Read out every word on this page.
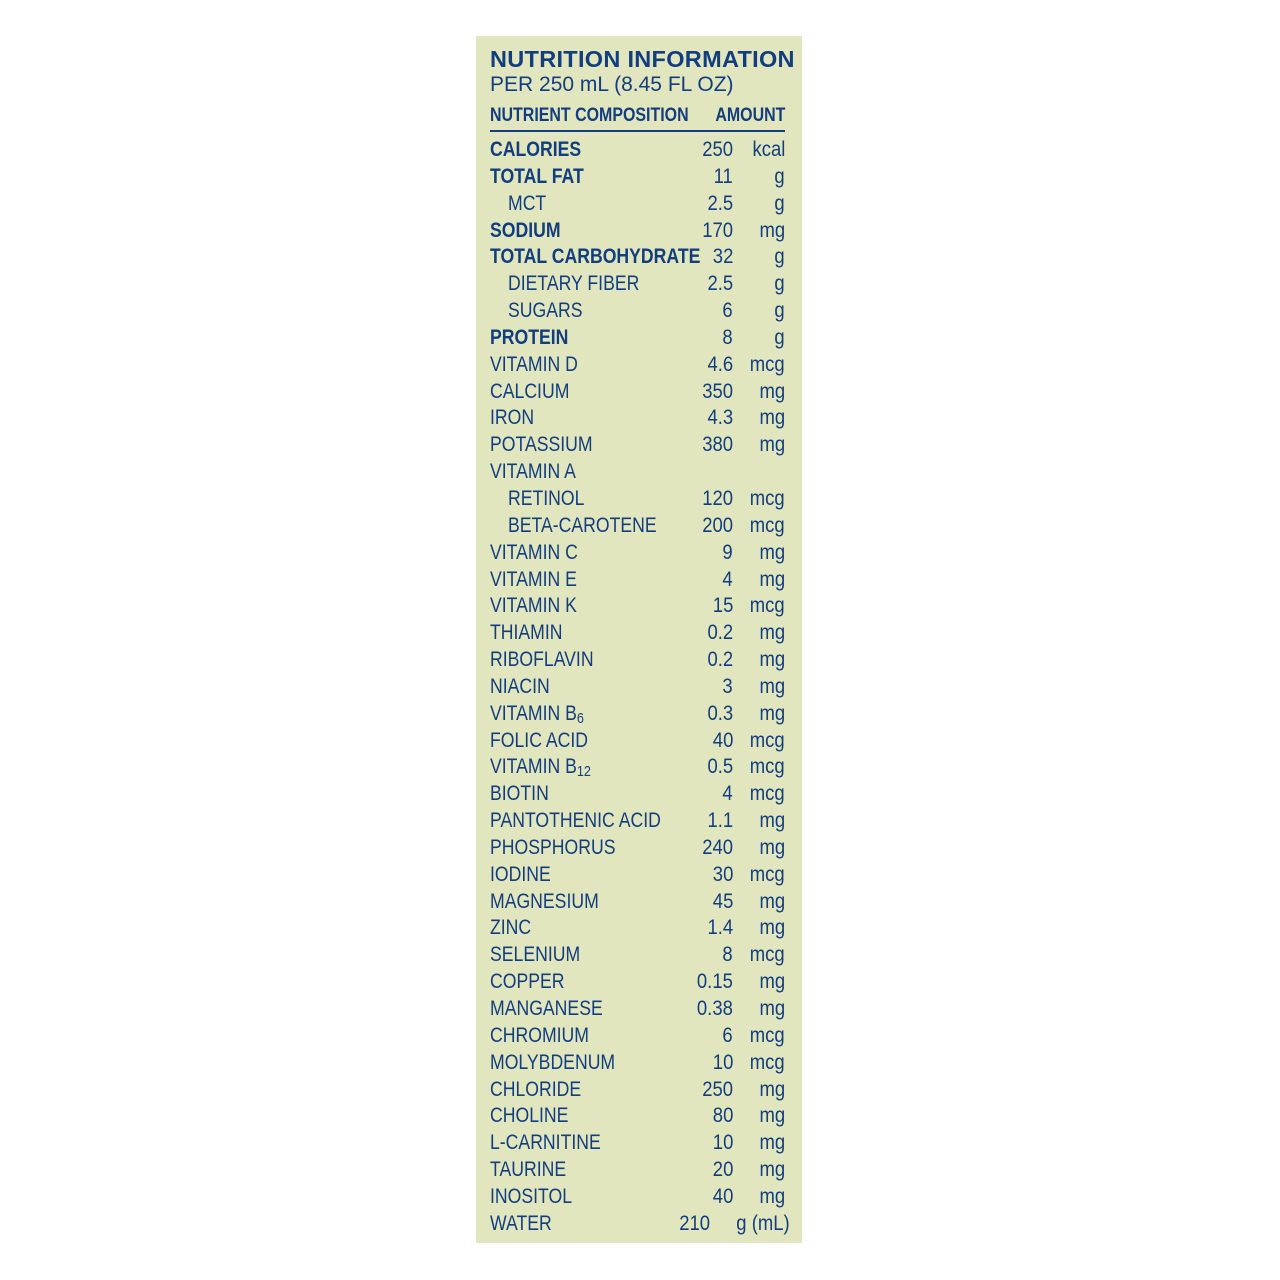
NUTRITION INFORMATION
PER 250 mL (8.45 FL OZ)
NUTRIENT COMPOSITION AMOUNT
CALORIES	250 kcal
TOTAL FAT	11 g
MCT	2.5 g
SODIUM	170 mg
TOTAL CARBOHYDRATE 32 g
DIETARY FIBER	2.5 g
SUGARS	6 g
PROTEIN	8 g
VITAMIN D	4.6 mcg
CALCIUM	350 mg
IRON	4.3 mg
POTASSIUM	380 mg
VITAMIN A
RETINOL	120 mcg
BETA-CAROTENE 200 mcg
VITAMIN C	9 mg
VITAMIN E	4 mg
VITAMIN K	15 mcg
THIAMIN	0.2 mg
RIBOFLAVIN	0.2 mg
NIACIN	3 mg
VITAMIN $B_6$	0.3 mg
FOLIC ACID	40 mcg
VITAMIN $B_{12}$	0.5 mcg
BIOTIN	4 mcg
PANTOTHENIC ACID 1.1 mg
PHOSPHORUS	240 mg
IODINE	30 mcg
MAGNESIUM	45 mg
ZINC	1.4 mg
SELENIUM	8 mcg
COPPER	0.15 mg
MANGANESE	0.38 mg
CHROMIUM	6 mcg
MOLYBDENUM	10 mcg
CHLORIDE	250 mg
CHOLINE	80 mg
L-CARNITINE	10 mg
TAURINE	20 mg
INOSITOL	40 mg
WATER	210 g (mL)
